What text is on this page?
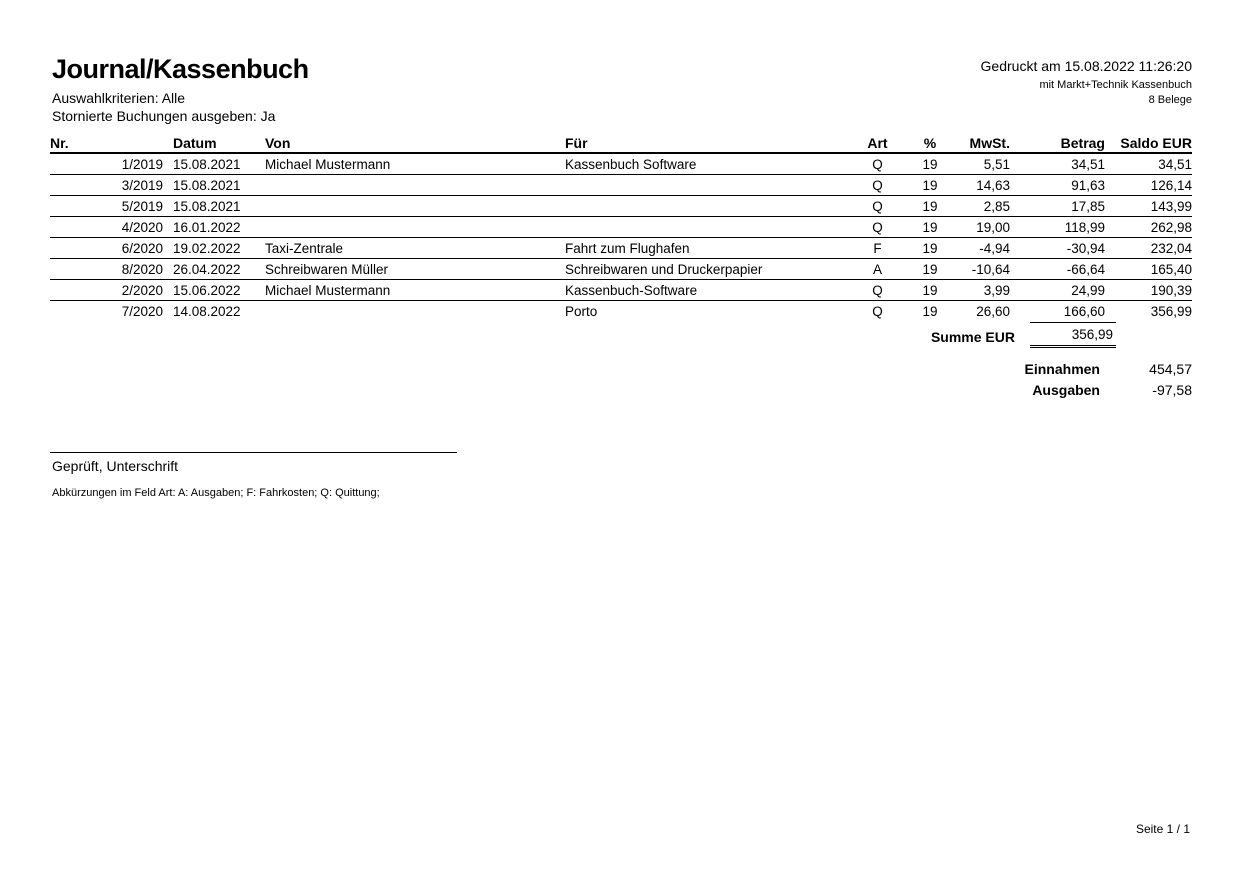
Journal/Kassenbuch
Auswahlkriterien: Alle
Stornierte Buchungen ausgeben: Ja
Gedruckt am 15.08.2022 11:26:20
mit Markt+Technik Kassenbuch
8 Belege
Nr.	Datum	Von	Für	Art	%	MwSt.	Betrag	Saldo EUR
1/2019	15.08.2021	Michael Mustermann	Kassenbuch Software	Q	19	5,51	34,51	34,51
3/2019	15.08.2021			Q	19	14,63	91,63	126,14
5/2019	15.08.2021			Q	19	2,85	17,85	143,99
4/2020	16.01.2022			Q	19	19,00	118,99	262,98
6/2020	19.02.2022	Taxi-Zentrale	Fahrt zum Flughafen	F	19	-4,94	-30,94	232,04
8/2020	26.04.2022	Schreibwaren Müller	Schreibwaren und Druckerpapier	A	19	-10,64	-66,64	165,40
2/2020	15.06.2022	Michael Mustermann	Kassenbuch-Software	Q	19	3,99	24,99	190,39
7/2020	14.08.2022		Porto	Q	19	26,60	166,60	356,99
Summe EUR	356,99
Einnahmen	454,57
Ausgaben	-97,58
Geprüft, Unterschrift
Abkürzungen im Feld Art: A: Ausgaben; F: Fahrkosten; Q: Quittung;
Seite 1 / 1
